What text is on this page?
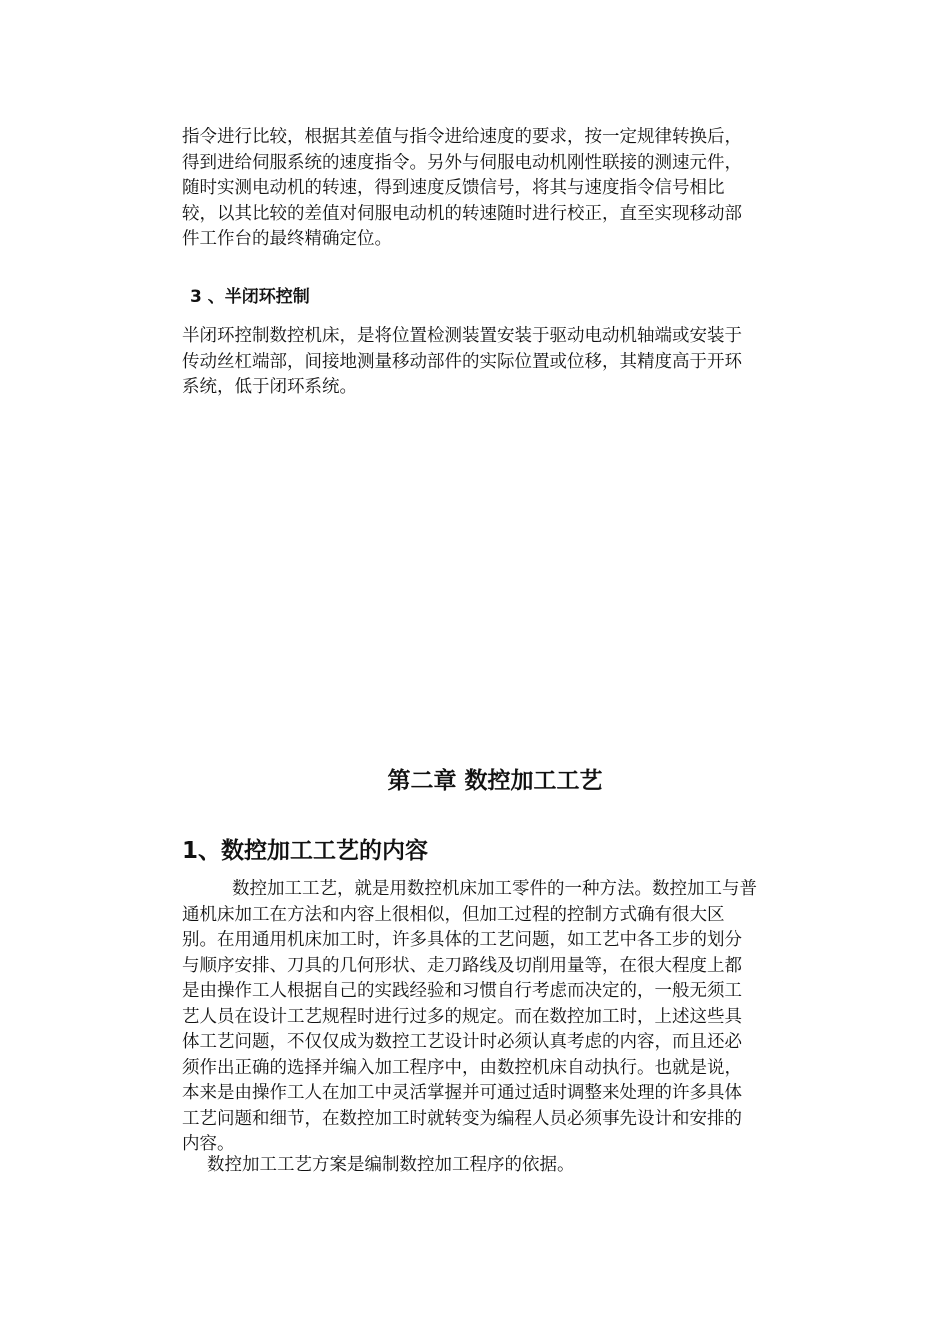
指令进行比较，根据其差值与指令进给速度的要求，按一定规律转换后，
得到进给伺服系统的速度指令。另外与伺服电动机刚性联接的测速元件，
随时实测电动机的转速，得到速度反馈信号，将其与速度指令信号相比
较，以其比较的差值对伺服电动机的转速随时进行校正，直至实现移动部
件工作台的最终精确定位。

3 、半闭环控制

半闭环控制数控机床，是将位置检测装置安装于驱动电动机轴端或安装于
传动丝杠端部，间接地测量移动部件的实际位置或位移，其精度高于开环
系统，低于闭环系统。

第二章 数控加工工艺
1、数控加工工艺的内容

数控加工工艺，就是用数控机床加工零件的一种方法。数控加工与普
通机床加工在方法和内容上很相似，但加工过程的控制方式确有很大区
别。在用通用机床加工时，许多具体的工艺问题，如工艺中各工步的划分
与顺序安排、刀具的几何形状、走刀路线及切削用量等，在很大程度上都
是由操作工人根据自己的实践经验和习惯自行考虑而决定的，一般无须工
艺人员在设计工艺规程时进行过多的规定。而在数控加工时，上述这些具
体工艺问题，不仅仅成为数控工艺设计时必须认真考虑的内容，而且还必
须作出正确的选择并编入加工程序中，由数控机床自动执行。也就是说，
本来是由操作工人在加工中灵活掌握并可通过适时调整来处理的许多具体
工艺问题和细节，在数控加工时就转变为编程人员必须事先设计和安排的
内容。

数控加工工艺方案是编制数控加工程序的依据。
